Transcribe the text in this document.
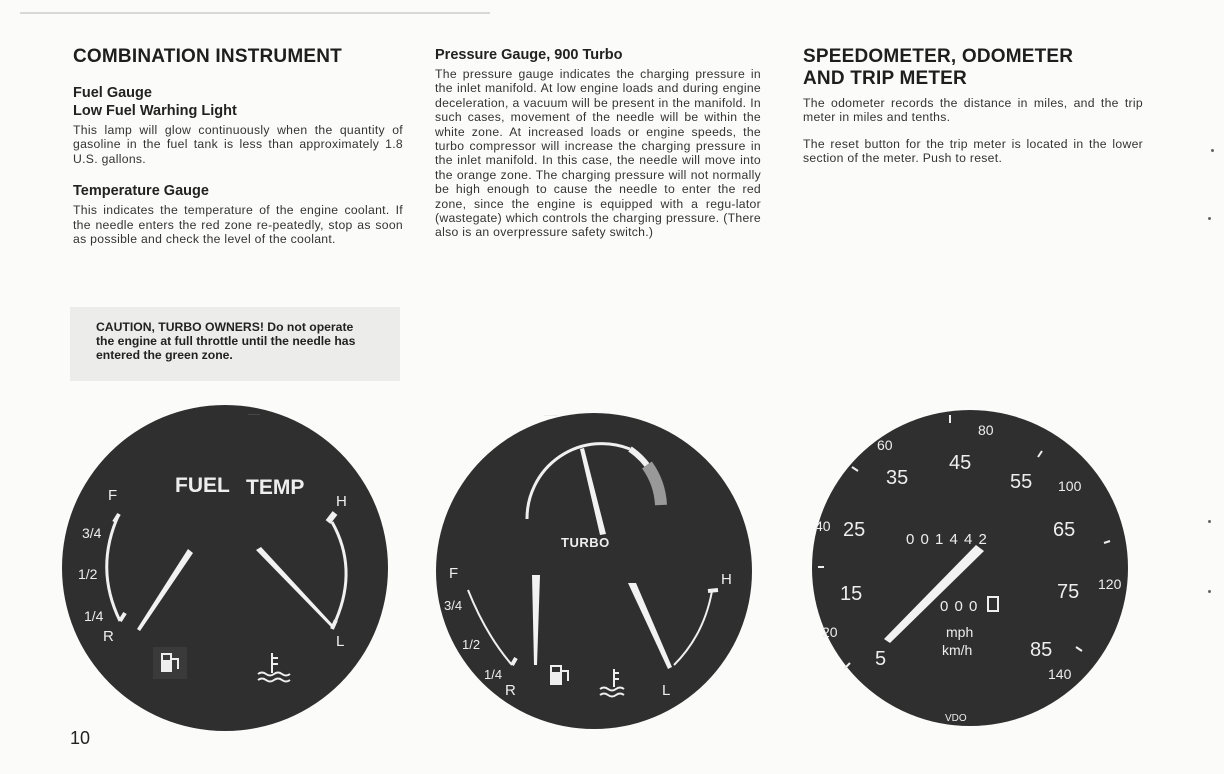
COMBINATION INSTRUMENT
Fuel Gauge
Low Fuel Warhing Light

This lamp will glow continuously when the quantity of gasoline in the fuel tank is less than approximately 1.8 U.S. gallons.

Temperature Gauge

This indicates the temperature of the engine coolant. If the needle enters the red zone re-peatedly, stop as soon as possible and check the level of the coolant.

CAUTION, TURBO OWNERS! Do not operate the engine at full throttle until the needle has entered the green zone.
Pressure Gauge, 900 Turbo

The pressure gauge indicates the charging pressure in the inlet manifold. At low engine loads and during engine deceleration, a vacuum will be present in the manifold. In such cases, movement of the needle will be within the white zone. At increased loads or engine speeds, the turbo compressor will increase the charging pressure in the inlet manifold. In this case, the needle will move into the orange zone. The charging pressure will not normally be high enough to cause the needle to enter the red zone, since the engine is equipped with a regu-lator (wastegate) which controls the charging pressure. (There also is an overpressure safety switch.)

SPEEDOMETER, ODOMETER
AND TRIP METER

The odometer records the distance in miles, and the trip meter in miles and tenths.

The reset button for the trip meter is located in the lower section of the meter. Push to reset.

······
FUEL TEMP
F
3/4
1/2
1/4
R
H
L
·······
TURBO
F
3/4
1/2
1/4
R
H
L
5
15
25
35
45
55
65
75
85
20
40
60
80
100
120
140
0 0 1 4 4 2
0 0 0
mph
km/h
VDO
10
